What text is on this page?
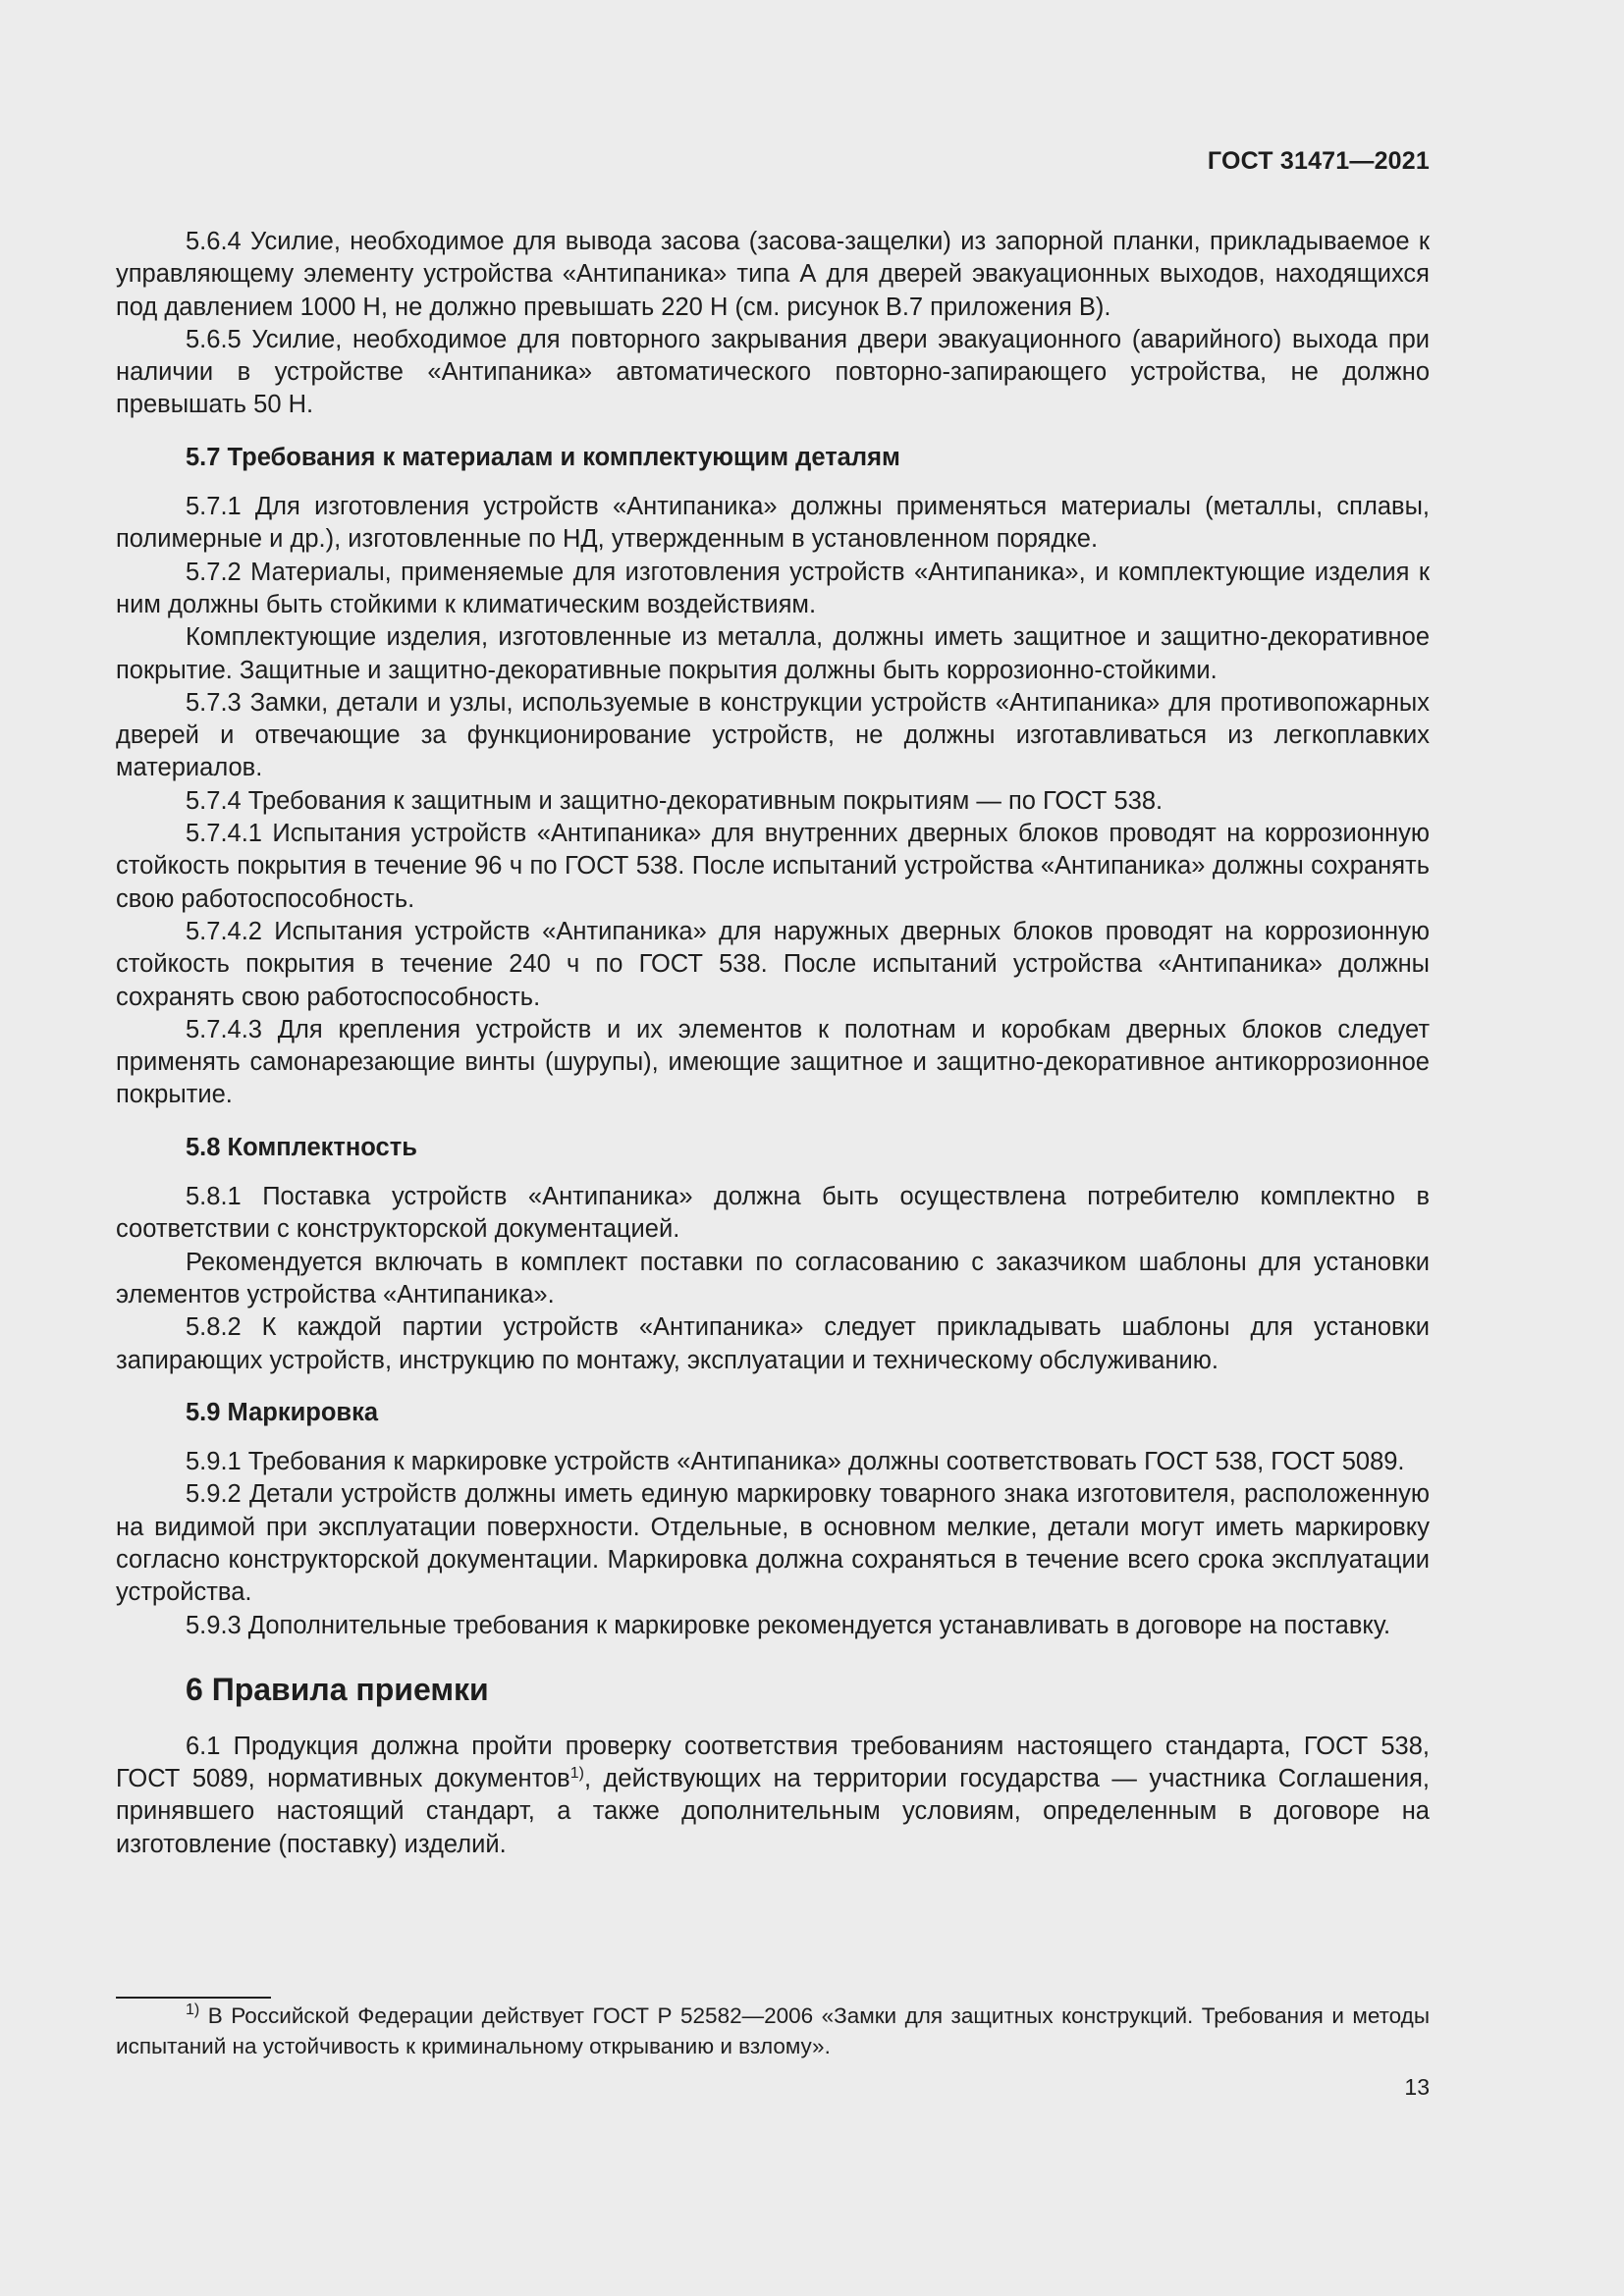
ГОСТ 31471—2021

5.6.4 Усилие, необходимое для вывода засова (засова-защелки) из запорной планки, прикладываемое к управляющему элементу устройства «Антипаника» типа А для дверей эвакуационных выходов, находящихся под давлением 1000 Н, не должно превышать 220 Н (см. рисунок В.7 приложения В).

5.6.5 Усилие, необходимое для повторного закрывания двери эвакуационного (аварийного) выхода при наличии в устройстве «Антипаника» автоматического повторно-запирающего устройства, не должно превышать 50 Н.

5.7 Требования к материалам и комплектующим деталям

5.7.1 Для изготовления устройств «Антипаника» должны применяться материалы (металлы, сплавы, полимерные и др.), изготовленные по НД, утвержденным в установленном порядке.

5.7.2 Материалы, применяемые для изготовления устройств «Антипаника», и комплектующие изделия к ним должны быть стойкими к климатическим воздействиям.

Комплектующие изделия, изготовленные из металла, должны иметь защитное и защитно-декоративное покрытие. Защитные и защитно-декоративные покрытия должны быть коррозионно-стойкими.

5.7.3 Замки, детали и узлы, используемые в конструкции устройств «Антипаника» для противопожарных дверей и отвечающие за функционирование устройств, не должны изготавливаться из легкоплавких материалов.

5.7.4 Требования к защитным и защитно-декоративным покрытиям — по ГОСТ 538.

5.7.4.1 Испытания устройств «Антипаника» для внутренних дверных блоков проводят на коррозионную стойкость покрытия в течение 96 ч по ГОСТ 538. После испытаний устройства «Антипаника» должны сохранять свою работоспособность.

5.7.4.2 Испытания устройств «Антипаника» для наружных дверных блоков проводят на коррозионную стойкость покрытия в течение 240 ч по ГОСТ 538. После испытаний устройства «Антипаника» должны сохранять свою работоспособность.

5.7.4.3 Для крепления устройств и их элементов к полотнам и коробкам дверных блоков следует применять самонарезающие винты (шурупы), имеющие защитное и защитно-декоративное антикоррозионное покрытие.

5.8 Комплектность

5.8.1 Поставка устройств «Антипаника» должна быть осуществлена потребителю комплектно в соответствии с конструкторской документацией.

Рекомендуется включать в комплект поставки по согласованию с заказчиком шаблоны для установки элементов устройства «Антипаника».

5.8.2 К каждой партии устройств «Антипаника» следует прикладывать шаблоны для установки запирающих устройств, инструкцию по монтажу, эксплуатации и техническому обслуживанию.

5.9 Маркировка

5.9.1 Требования к маркировке устройств «Антипаника» должны соответствовать ГОСТ 538, ГОСТ 5089.

5.9.2 Детали устройств должны иметь единую маркировку товарного знака изготовителя, расположенную на видимой при эксплуатации поверхности. Отдельные, в основном мелкие, детали могут иметь маркировку согласно конструкторской документации. Маркировка должна сохраняться в течение всего срока эксплуатации устройства.

5.9.3 Дополнительные требования к маркировке рекомендуется устанавливать в договоре на поставку.

6 Правила приемки

6.1 Продукция должна пройти проверку соответствия требованиям настоящего стандарта, ГОСТ 538, ГОСТ 5089, нормативных документов$^{1)}$, действующих на территории государства — участника Соглашения, принявшего настоящий стандарт, а также дополнительным условиям, определенным в договоре на изготовление (поставку) изделий.

$^{1)}$ В Российской Федерации действует ГОСТ Р 52582—2006 «Замки для защитных конструкций. Требования и методы испытаний на устойчивость к криминальному открыванию и взлому».

13
